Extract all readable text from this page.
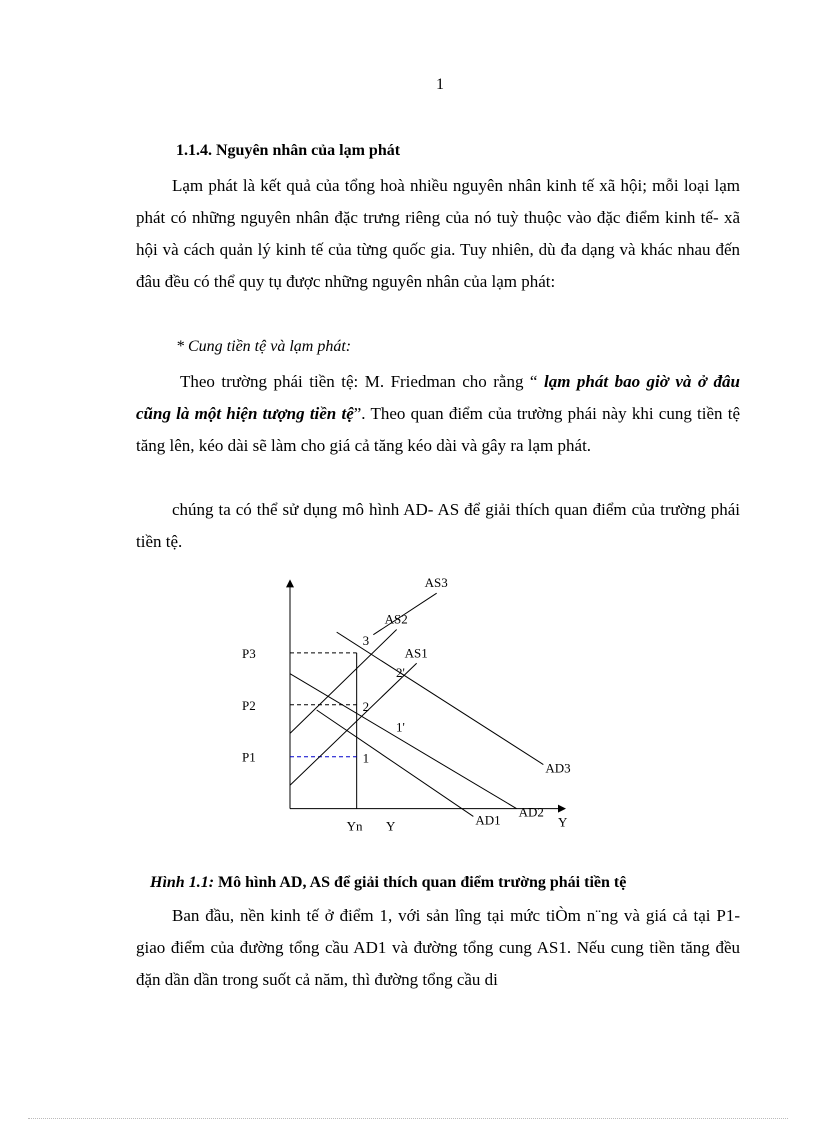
1
1.1.4. Nguyên nhân của lạm phát

Lạm phát là kết quả của tổng hoà nhiều nguyên nhân kinh tế xã hội; mỗi loại lạm phát có những nguyên nhân đặc trưng riêng của nó tuỳ thuộc vào đặc điểm kinh tế- xã hội và cách quản lý kinh tế của từng quốc gia. Tuy nhiên, dù đa dạng và khác nhau đến đâu đều có thể quy tụ được những nguyên nhân của lạm phát:

* Cung tiền tệ và lạm phát:

Theo trường phái tiền tệ: M. Friedman cho rằng “ lạm phát bao giờ và ở đâu cũng là một hiện tượng tiền tệ”. Theo quan điểm của trường phái này khi cung tiền tệ tăng lên, kéo dài sẽ làm cho giá cả tăng kéo dài và gây ra lạm phát.

chúng ta có thể sử dụng mô hình AD- AS để giải thích quan điểm của trường phái tiền tệ.

P1
P2
P3	AS1
AS2
AS3
AD1
AD2
AD3
1
2
3
1'
2'
Yn Y	Y
Hình 1.1: Mô hình AD, AS để giải thích quan điểm trường phái tiền tệ

Ban đầu, nền kinh tế ở điểm 1, với sản lîng tại mức tiÒm n¨ng và giá cả tại P1- giao điểm của đường tổng cầu AD1 và đường tổng cung AS1. Nếu cung tiền tăng đều đặn dần dần trong suốt cả năm, thì đường tổng cầu di
